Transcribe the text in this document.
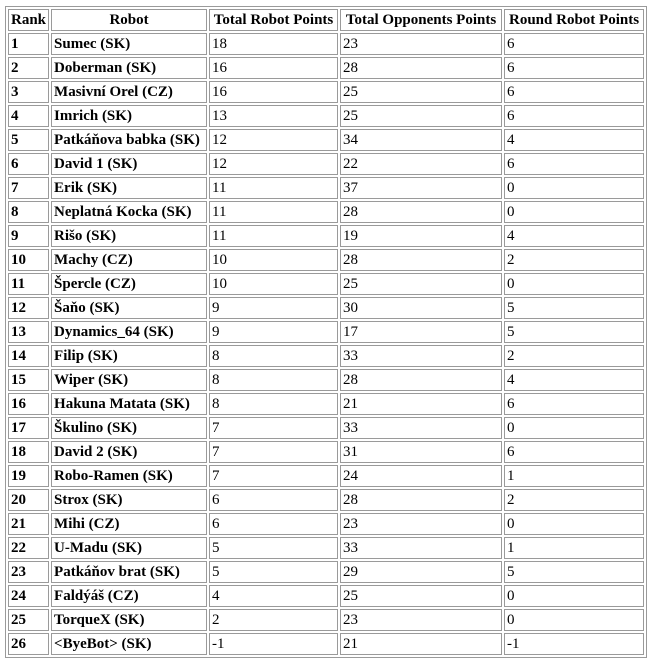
Rank	Robot	Total Robot Points	Total Opponents Points	Round Robot Points
1	Sumec (SK)	18	23	6
2	Doberman (SK)	16	28	6
3	Masivní Orel (CZ)	16	25	6
4	Imrich (SK)	13	25	6
5	Patkáňova babka (SK)	12	34	4
6	David 1 (SK)	12	22	6
7	Erik (SK)	11	37	0
8	Neplatná Kocka (SK)	11	28	0
9	Rišo (SK)	11	19	4
10	Machy (CZ)	10	28	2
11	Špercle (CZ)	10	25	0
12	Šaňo (SK)	9	30	5
13	Dynamics_64 (SK)	9	17	5
14	Filip (SK)	8	33	2
15	Wiper (SK)	8	28	4
16	Hakuna Matata (SK)	8	21	6
17	Škulino (SK)	7	33	0
18	David 2 (SK)	7	31	6
19	Robo-Ramen (SK)	7	24	1
20	Strox (SK)	6	28	2
21	Mihi (CZ)	6	23	0
22	U-Madu (SK)	5	33	1
23	Patkáňov brat (SK)	5	29	5
24	Faldýáš (CZ)	4	25	0
25	TorqueX (SK)	2	23	0
26	<ByeBot> (SK)	-1	21	-1
